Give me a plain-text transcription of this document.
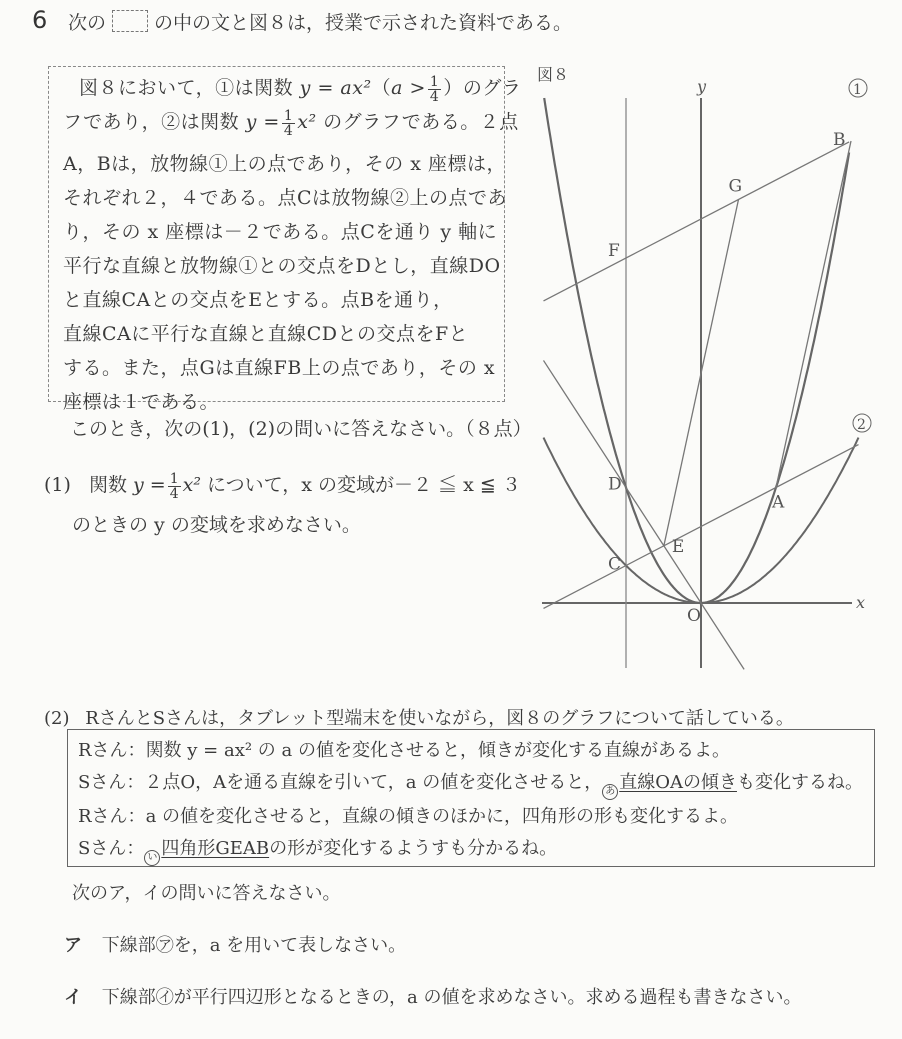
6 次の	の中の文と図８は，授業で示された資料である。
図８において，①は関数 $y = ax^2(a > \frac{1}{4}$ ）のグラ
フであり，②は関数 $y = \frac{1}{4} x^2$ のグラフである。２点
A，Bは，放物線①上の点であり，その x 座標は，
それぞれ２，４である。点Cは放物線②上の点であ
り，その x 座標は－２である。点Cを通り y 軸に
平行な直線と放物線①との交点をDとし，直線DO
と直線CAとの交点をEとする。点Bを通り，
直線CAに平行な直線と直線CDとの交点をFと
する。また，点Gは直線FB上の点であり，その x
座標は１である。
このとき，次の(1)，(2)の問いに答えなさい。（８点）
(1) 関数 $y = \frac{1}{4} x^2$ について，x の変域が－２ ≦ x ≦ ３
のときの y の変域を求めなさい。
図８
C
D
E
A
B
F
G
O
x
y	1
2
(2) RさんとSさんは，タブレット型端末を使いながら，図８のグラフについて話している。
Rさん：関数 y = ax² の a の値を変化させると，傾きが変化する直線があるよ。
Sさん：２点O，Aを通る直線を引いて，a の値を変化させると， あ 直線OAの傾きも変化するね。
Rさん：a の値を変化させると，直線の傾きのほかに，四角形の形も変化するよ。
Sさん： い 四角形GEABの形が変化するようすも分かるね。
次のア，イの問いに答えなさい。
ア 下線部㋐を，a を用いて表しなさい。
イ 下線部㋑が平行四辺形となるときの，a の値を求めなさい。求める過程も書きなさい。
